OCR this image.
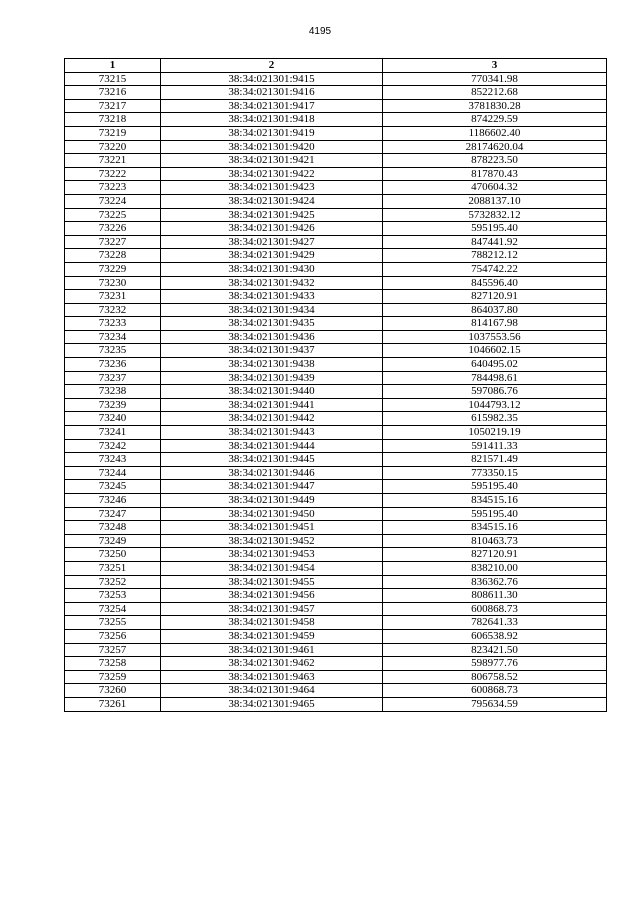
4195
1	2	3
73215	38:34:021301:9415	770341.98
73216	38:34:021301:9416	852212.68
73217	38:34:021301:9417	3781830.28
73218	38:34:021301:9418	874229.59
73219	38:34:021301:9419	1186602.40
73220	38:34:021301:9420	28174620.04
73221	38:34:021301:9421	878223.50
73222	38:34:021301:9422	817870.43
73223	38:34:021301:9423	470604.32
73224	38:34:021301:9424	2088137.10
73225	38:34:021301:9425	5732832.12
73226	38:34:021301:9426	595195.40
73227	38:34:021301:9427	847441.92
73228	38:34:021301:9429	788212.12
73229	38:34:021301:9430	754742.22
73230	38:34:021301:9432	845596.40
73231	38:34:021301:9433	827120.91
73232	38:34:021301:9434	864037.80
73233	38:34:021301:9435	814167.98
73234	38:34:021301:9436	1037553.56
73235	38:34:021301:9437	1046602.15
73236	38:34:021301:9438	640495.02
73237	38:34:021301:9439	784498.61
73238	38:34:021301:9440	597086.76
73239	38:34:021301:9441	1044793.12
73240	38:34:021301:9442	615982.35
73241	38:34:021301:9443	1050219.19
73242	38:34:021301:9444	591411.33
73243	38:34:021301:9445	821571.49
73244	38:34:021301:9446	773350.15
73245	38:34:021301:9447	595195.40
73246	38:34:021301:9449	834515.16
73247	38:34:021301:9450	595195.40
73248	38:34:021301:9451	834515.16
73249	38:34:021301:9452	810463.73
73250	38:34:021301:9453	827120.91
73251	38:34:021301:9454	838210.00
73252	38:34:021301:9455	836362.76
73253	38:34:021301:9456	808611.30
73254	38:34:021301:9457	600868.73
73255	38:34:021301:9458	782641.33
73256	38:34:021301:9459	606538.92
73257	38:34:021301:9461	823421.50
73258	38:34:021301:9462	598977.76
73259	38:34:021301:9463	806758.52
73260	38:34:021301:9464	600868.73
73261	38:34:021301:9465	795634.59
